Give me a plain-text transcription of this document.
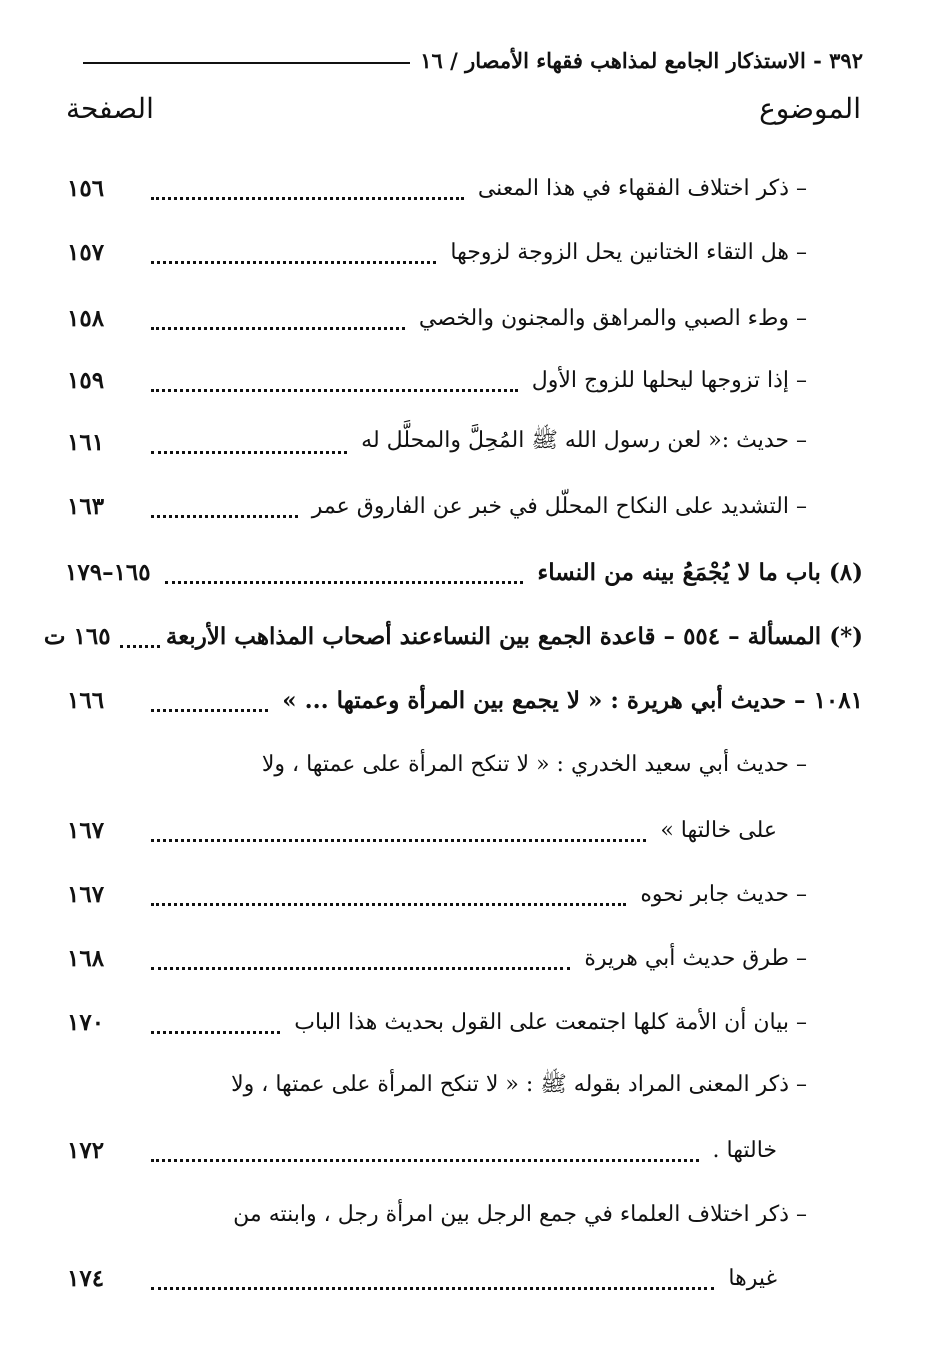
٣٩٢ - الاستذكار الجامع لمذاهب فقهاء الأمصار / ١٦
الموضوع
الصفحة
– ذكر اختلاف الفقهاء في هذا المعنى
١٥٦
– هل التقاء الختانين يحل الزوجة لزوجها
١٥٧
– وطء الصبي والمراهق والمجنون والخصي
١٥٨
– إذا تزوجها ليحلها للزوج الأول
١٥٩
– حديث :« لعن رسول الله ﷺ المُحِلَّ والمحلَّل له
١٦١
– التشديد على النكاح المحلّل في خبر عن الفاروق عمر
١٦٣
(٨) باب ما لا يُجْمَعُ بينه من النساء
١٦٥–١٧٩
(*) المسألة – ٥٥٤ – قاعدة الجمع بين النساءعند أصحاب المذاهب الأربعة
١٦٥ ت
١٠٨١ – حديث أبي هريرة : « لا يجمع بين المرأة وعمتها ... »
١٦٦
– حديث أبي سعيد الخدري : « لا تنكح المرأة على عمتها ، ولا
على خالتها »
١٦٧
– حديث جابر نحوه
١٦٧
– طرق حديث أبي هريرة
١٦٨
– بيان أن الأمة كلها اجتمعت على القول بحديث هذا الباب
١٧٠
– ذكر المعنى المراد بقوله ﷺ : « لا تنكح المرأة على عمتها ، ولا
خالتها .
١٧٢
– ذكر اختلاف العلماء في جمع الرجل بين امرأة رجل ، وابنته من
غيرها
١٧٤
